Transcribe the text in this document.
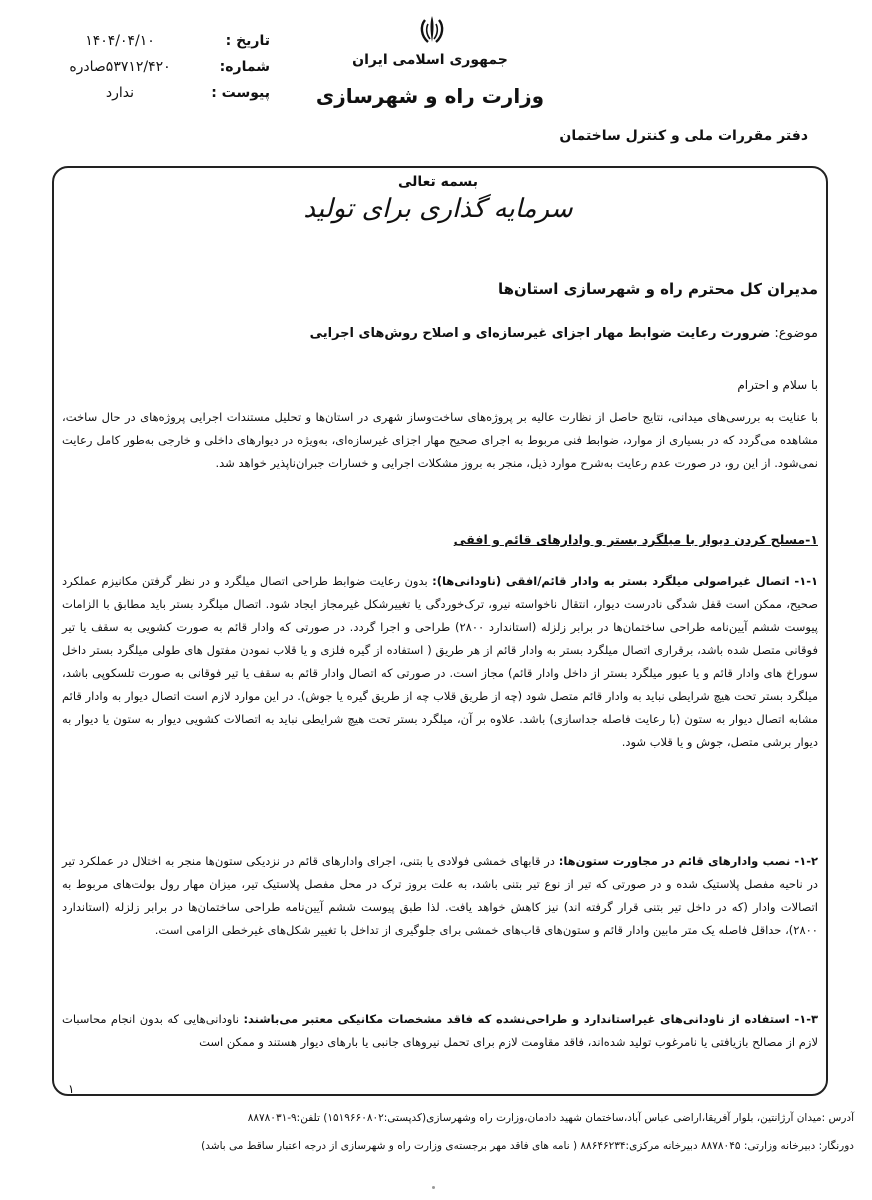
تاریخ :
۱۴۰۴/۰۴/۱۰
شماره:
۵۳۷۱۲/۴۲۰صادره
پیوست :
ندارد
جمهوری اسلامی ایران
وزارت راه و شهرسازی
دفتر مقررات ملی و کنترل ساختمان
بسمه تعالی
سرمایه گذاری برای تولید
مدیران کل محترم راه و شهرسازی استان‌ها
موضوع: ضرورت رعایت ضوابط مهار اجزای غیرسازه‌ای و اصلاح روش‌های اجرایی
با سلام و احترام
با عنایت به بررسی‌های میدانی، نتایج حاصل از نظارت عالیه بر پروژه‌های ساخت‌وساز شهری در استان‌ها و تحلیل مستندات اجرایی پروژه‌های در حال ساخت، مشاهده می‌گردد که در بسیاری از موارد، ضوابط فنی مربوط به اجرای صحیح مهار اجزای غیرسازه‌ای، به‌ویژه در دیوارهای داخلی و خارجی به‌طور کامل رعایت نمی‌شود. از این رو، در صورت عدم رعایت به‌شرح موارد ذیل، منجر به بروز مشکلات اجرایی و خسارات جبران‌ناپذیر خواهد شد.
۱-مسلح کردن دیوار با میلگرد بستر و وادارهای قائم و افقی
۱-۱- اتصال غیراصولی میلگرد بستر به وادار قائم/افقی (ناودانی‌ها): بدون رعایت ضوابط طراحی اتصال میلگرد و در نظر گرفتن مکانیزم عملکرد صحیح، ممکن است قفل شدگی نادرست دیوار، انتقال ناخواسته نیرو، ترک‌خوردگی یا تغییرشکل غیرمجاز ایجاد شود. اتصال میلگرد بستر باید مطابق با الزامات پیوست ششم آیین‌نامه طراحی ساختمان‌ها در برابر زلزله (استاندارد ۲۸۰۰) طراحی و اجرا گردد. در صورتی که وادار قائم به صورت کشویی به سقف یا تیر فوقانی متصل شده باشد، برقراری اتصال میلگرد بستر به وادار قائم از هر طریق ( استفاده از گیره فلزی و یا قلاب نمودن مفتول های طولی میلگرد بستر داخل سوراخ های وادار قائم و یا عبور میلگرد بستر از داخل وادار قائم) مجاز است. در صورتی که اتصال وادار قائم به سقف یا تیر فوقانی به صورت تلسکوپی باشد، میلگرد بستر تحت هیچ شرایطی نباید به وادار قائم متصل شود (چه از طریق قلاب چه از طریق گیره یا جوش). در این موارد لازم است اتصال دیوار به وادار قائم مشابه اتصال دیوار به ستون (با رعایت فاصله جداسازی) باشد. علاوه بر آن، میلگرد بستر تحت هیچ شرایطی نباید به اتصالات کشویی دیوار به ستون یا دیوار به دیوار برشی متصل، جوش و یا قلاب شود.
۱-۲- نصب وادارهای قائم در مجاورت ستون‌ها: در قابهای خمشی فولادی یا بتنی، اجرای وادارهای قائم در نزدیکی ستون‌ها منجر به اختلال در عملکرد تیر در ناحیه مفصل پلاستیک شده و در صورتی که تیر از نوع تیر بتنی باشد، به علت بروز ترک در محل مفصل پلاستیک تیر، میزان مهار رول بولت‌های مربوط به اتصالات وادار (که در داخل تیر بتنی قرار گرفته اند) نیز کاهش خواهد یافت. لذا طبق پیوست ششم آیین‌نامه طراحی ساختمان‌ها در برابر زلزله (استاندارد ۲۸۰۰)، حداقل فاصله یک متر مابین وادار قائم و ستون‌های قاب‌های خمشی برای جلوگیری از تداخل با تغییر شکل‌های غیرخطی الزامی است.
۱-۳- استفاده از ناودانی‌های غیراستاندارد و طراحی‌نشده که فاقد مشخصات مکانیکی معتبر می‌باشند: ناودانی‌هایی که بدون انجام محاسبات لازم از مصالح بازیافتی یا نامرغوب تولید شده‌اند، فاقد مقاومت لازم برای تحمل نیروهای جانبی یا بارهای دیوار هستند و ممکن است
۱
آدرس :میدان آرژانتین، بلوار آفریقا،اراضی عباس آباد،ساختمان شهید دادمان،وزارت راه وشهرسازی(کدپستی:۱۵۱۹۶۶۰۸۰۲) تلفن:۹-۸۸۷۸۰۳۱
دورنگار: دبیرخانه وزارتی: ۸۸۷۸۰۴۵ دبیرخانه مرکزی:۸۸۶۴۶۲۳۴ ( نامه های فاقد مهر برجسته‌ی وزارت راه و شهرسازی از درجه اعتبار ساقط می باشد)
